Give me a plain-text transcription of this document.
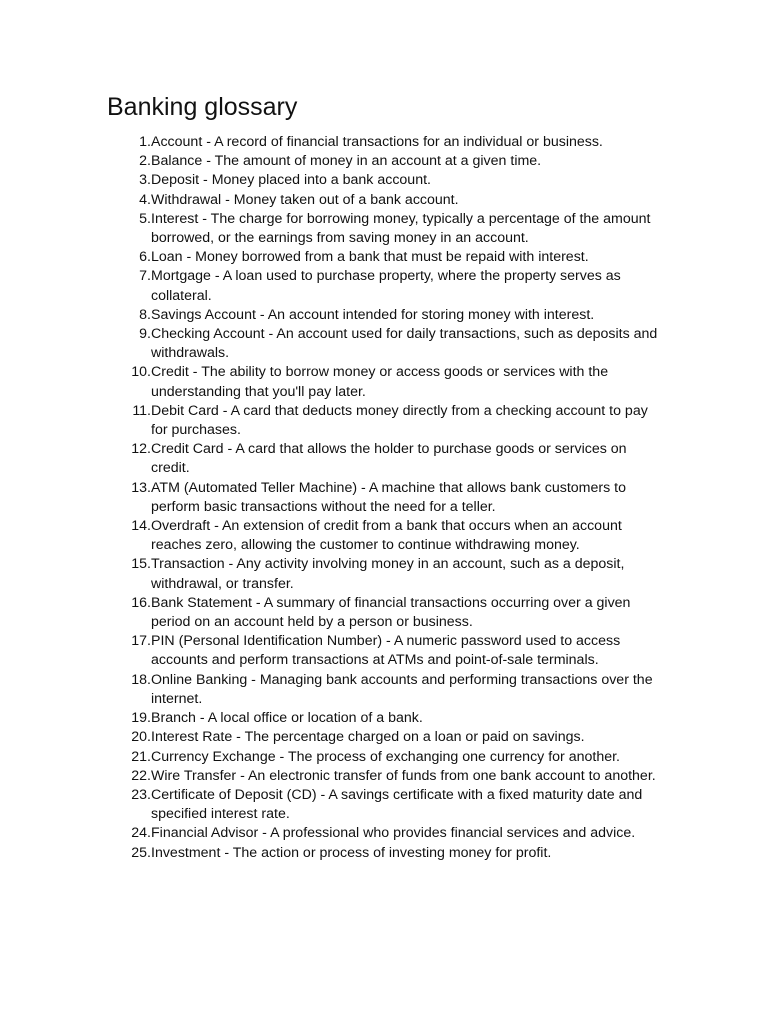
Banking glossary
1. Account - A record of financial transactions for an individual or business.
2. Balance - The amount of money in an account at a given time.
3. Deposit - Money placed into a bank account.
4. Withdrawal - Money taken out of a bank account.
5. Interest - The charge for borrowing money, typically a percentage of the amount borrowed, or the earnings from saving money in an account.
6. Loan - Money borrowed from a bank that must be repaid with interest.
7. Mortgage - A loan used to purchase property, where the property serves as collateral.
8. Savings Account - An account intended for storing money with interest.
9. Checking Account - An account used for daily transactions, such as deposits and withdrawals.
10. Credit - The ability to borrow money or access goods or services with the understanding that you'll pay later.
11. Debit Card - A card that deducts money directly from a checking account to pay for purchases.
12. Credit Card - A card that allows the holder to purchase goods or services on credit.
13. ATM (Automated Teller Machine) - A machine that allows bank customers to perform basic transactions without the need for a teller.
14. Overdraft - An extension of credit from a bank that occurs when an account reaches zero, allowing the customer to continue withdrawing money.
15. Transaction - Any activity involving money in an account, such as a deposit, withdrawal, or transfer.
16. Bank Statement - A summary of financial transactions occurring over a given period on an account held by a person or business.
17. PIN (Personal Identification Number) - A numeric password used to access accounts and perform transactions at ATMs and point-of-sale terminals.
18. Online Banking - Managing bank accounts and performing transactions over the internet.
19. Branch - A local office or location of a bank.
20. Interest Rate - The percentage charged on a loan or paid on savings.
21. Currency Exchange - The process of exchanging one currency for another.
22. Wire Transfer - An electronic transfer of funds from one bank account to another.
23. Certificate of Deposit (CD) - A savings certificate with a fixed maturity date and specified interest rate.
24. Financial Advisor - A professional who provides financial services and advice.
25. Investment - The action or process of investing money for profit.
